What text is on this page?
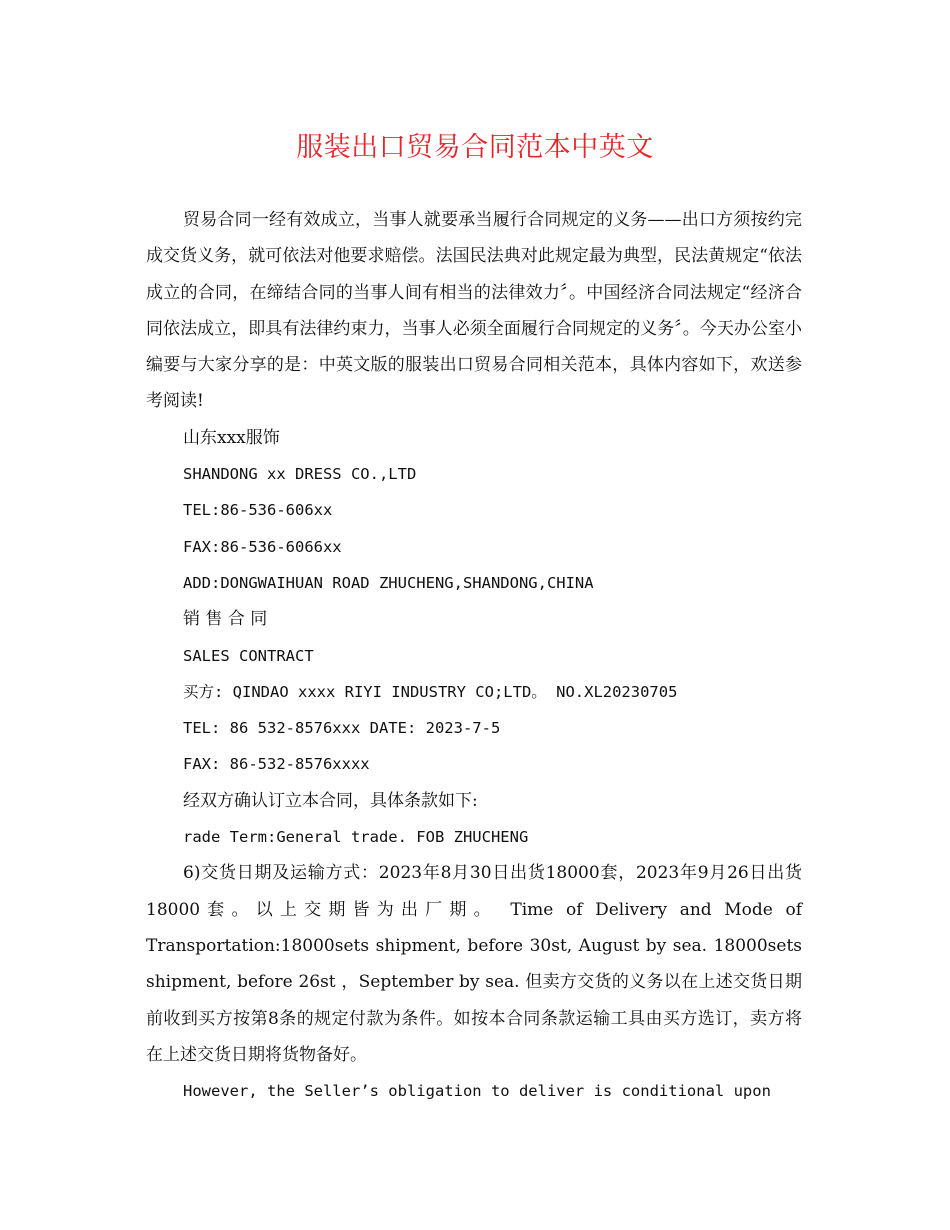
服装出口贸易合同范本中英文

贸易合同一经有效成立，当事人就要承当履行合同规定的义务——出口方须按约完成交货义务，就可依法对他要求赔偿。法国民法典对此规定最为典型，民法黄规定“依法成立的合同，在缔结合同的当事人间有相当的法律效力〞。中国经济合同法规定“经济合同依法成立，即具有法律约束力，当事人必须全面履行合同规定的义务〞。今天办公室小编要与大家分享的是：中英文版的服装出口贸易合同相关范本，具体内容如下，欢送参考阅读!

山东xxx服饰

SHANDONG xx DRESS CO.,LTD

TEL:86-536-606xx

FAX:86-536-6066xx

ADD:DONGWAIHUAN ROAD ZHUCHENG,SHANDONG,CHINA

销 售 合 同

SALES CONTRACT

买方: QINDAO xxxx RIYI INDUSTRY CO;LTD。 NO.XL20230705

TEL: 86 532-8576xxx DATE: 2023-7-5

FAX: 86-532-8576xxxx

经双方确认订立本合同，具体条款如下:

rade Term:General trade. FOB ZHUCHENG

6)交货日期及运输方式：2023年8月30日出货18000套，2023年9月26日出货18000套。以上交期皆为出厂期。 Time of Delivery and Mode of Transportation:18000sets shipment, before 30st, August by sea. 18000sets shipment, before 26st ，September by sea. 但卖方交货的义务以在上述交货日期前收到买方按第8条的规定付款为条件。如按本合同条款运输工具由买方选订，卖方将在上述交货日期将货物备好。

However, the Seller’s obligation to deliver is conditional upon
